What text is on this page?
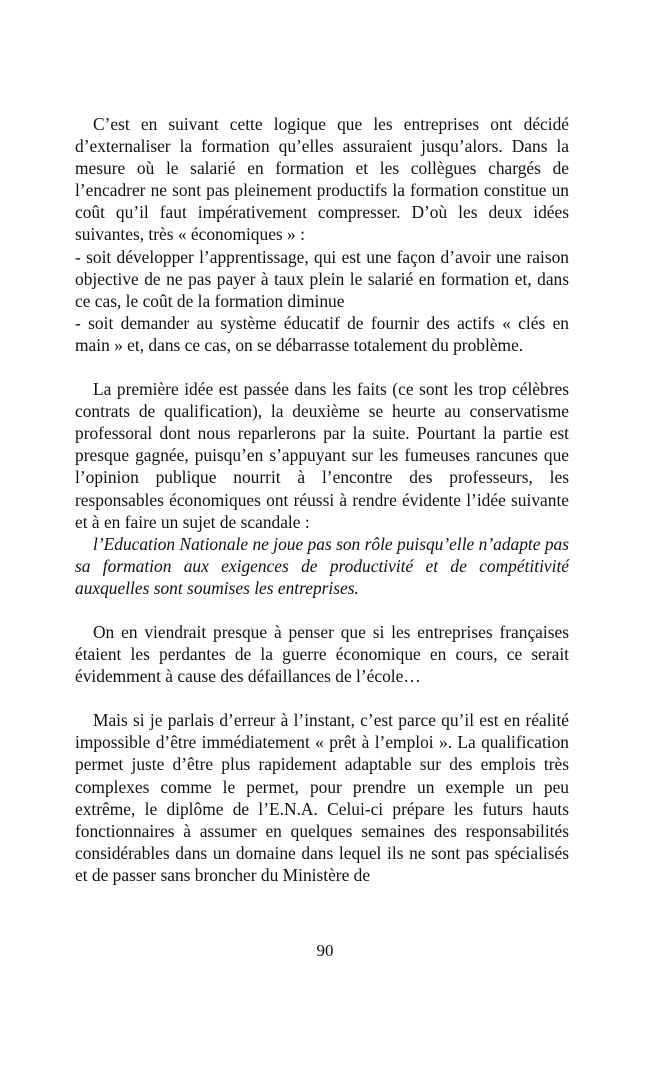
C’est en suivant cette logique que les entreprises ont décidé d’externaliser la formation qu’elles assuraient jusqu’alors. Dans la mesure où le salarié en formation et les collègues chargés de l’encadrer ne sont pas pleinement productifs la formation constitue un coût qu’il faut impérativement compresser. D’où les deux idées suivantes, très « économiques » :

- soit développer l’apprentissage, qui est une façon d’avoir une raison objective de ne pas payer à taux plein le salarié en formation et, dans ce cas, le coût de la formation diminue

- soit demander au système éducatif de fournir des actifs « clés en main » et, dans ce cas, on se débarrasse totalement du problème.

La première idée est passée dans les faits (ce sont les trop célèbres contrats de qualification), la deuxième se heurte au conservatisme professoral dont nous reparlerons par la suite. Pourtant la partie est presque gagnée, puisqu’en s’appuyant sur les fumeuses rancunes que l’opinion publique nourrit à l’encontre des professeurs, les responsables économiques ont réussi à rendre évidente l’idée suivante et à en faire un sujet de scandale :

l’Education Nationale ne joue pas son rôle puisqu’elle n’adapte pas sa formation aux exigences de productivité et de compétitivité auxquelles sont soumises les entreprises.

On en viendrait presque à penser que si les entreprises françaises étaient les perdantes de la guerre économique en cours, ce serait évidemment à cause des défaillances de l’école…

Mais si je parlais d’erreur à l’instant, c’est parce qu’il est en réalité impossible d’être immédiatement « prêt à l’emploi ». La qualification permet juste d’être plus rapidement adaptable sur des emplois très complexes comme le permet, pour prendre un exemple un peu extrême, le diplôme de l’E.N.A. Celui-ci prépare les futurs hauts fonctionnaires à assumer en quelques semaines des responsabilités considérables dans un domaine dans lequel ils ne sont pas spécialisés et de passer sans broncher du Ministère de

90
